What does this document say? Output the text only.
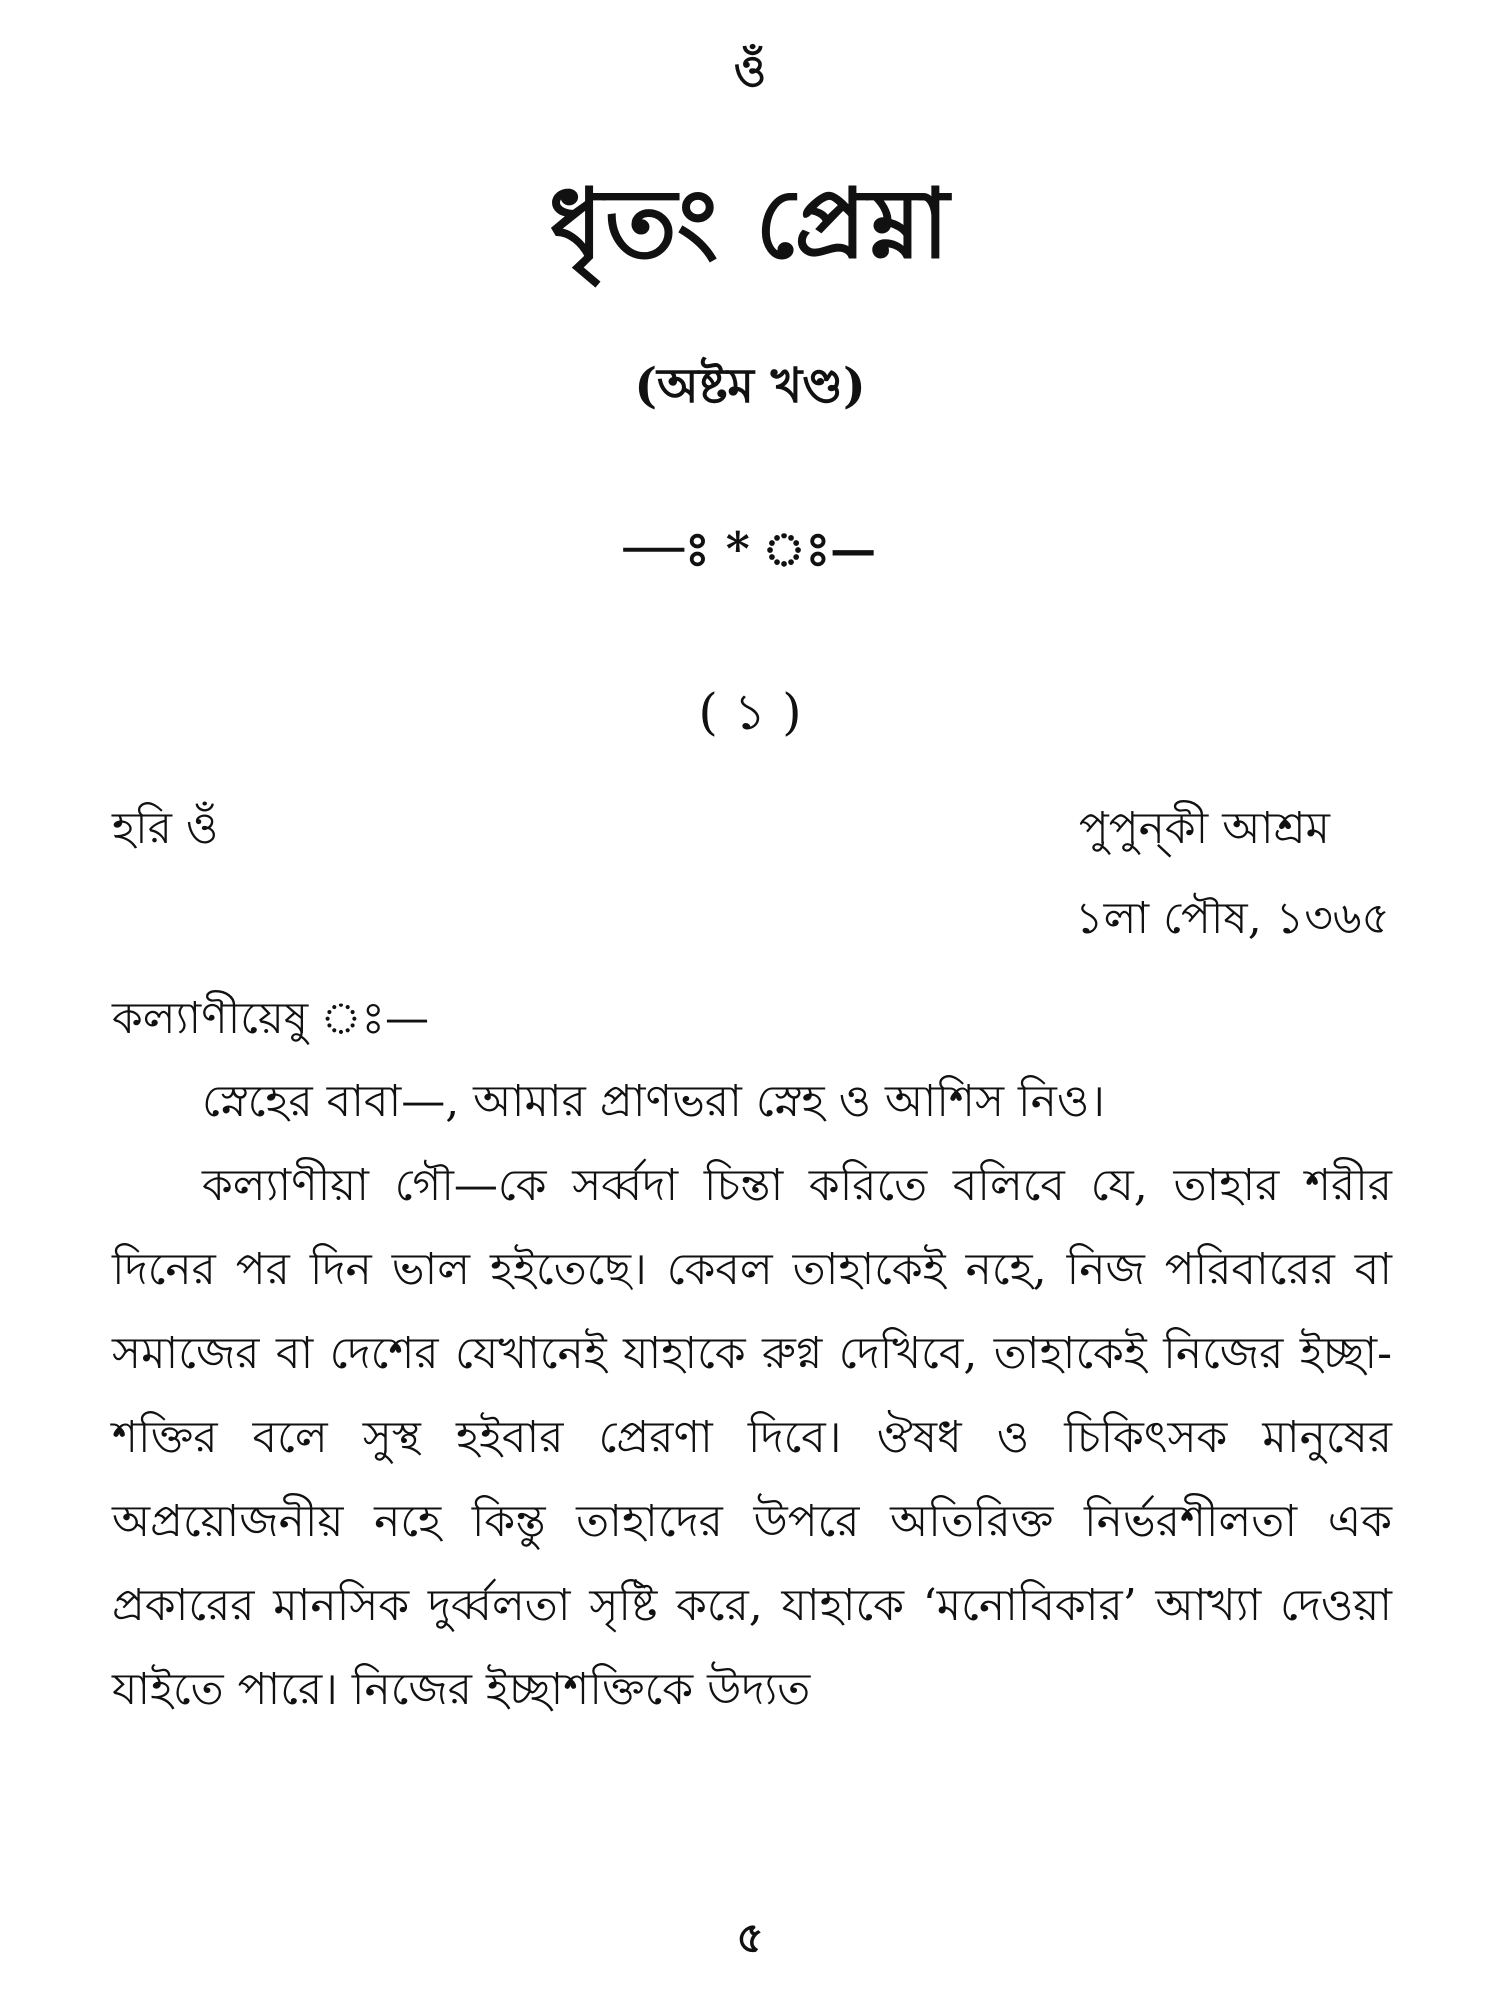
ওঁ
ধৃতং প্রেম্না
(অষ্টম খণ্ড)
—ঃ * ঃ—
( ১ )
হরি ওঁ	পুপুন্‌কী আশ্রম
১লা পৌষ, ১৩৬৫
কল্যাণীয়েষু ঃ—

স্নেহের বাবা—, আমার প্রাণভরা স্নেহ ও আশিস নিও।

কল্যাণীয়া গৌ—কে সর্ব্বদা চিন্তা করিতে বলিবে যে, তাহার শরীর দিনের পর দিন ভাল হইতেছে। কেবল তাহাকেই নহে, নিজ পরিবারের বা সমাজের বা দেশের যেখানেই যাহাকে রুগ্ন দেখিবে, তাহাকেই নিজের ইচ্ছা-শক্তির বলে সুস্থ হইবার প্রেরণা দিবে। ঔষধ ও চিকিৎসক মানুষের অপ্রয়োজনীয় নহে কিন্তু তাহাদের উপরে অতিরিক্ত নির্ভরশীলতা এক প্রকারের মানসিক দুর্ব্বলতা সৃষ্টি করে, যাহাকে ‘মনোবিকার’ আখ্যা দেওয়া যাইতে পারে। নিজের ইচ্ছাশক্তিকে উদ্যত

৫
